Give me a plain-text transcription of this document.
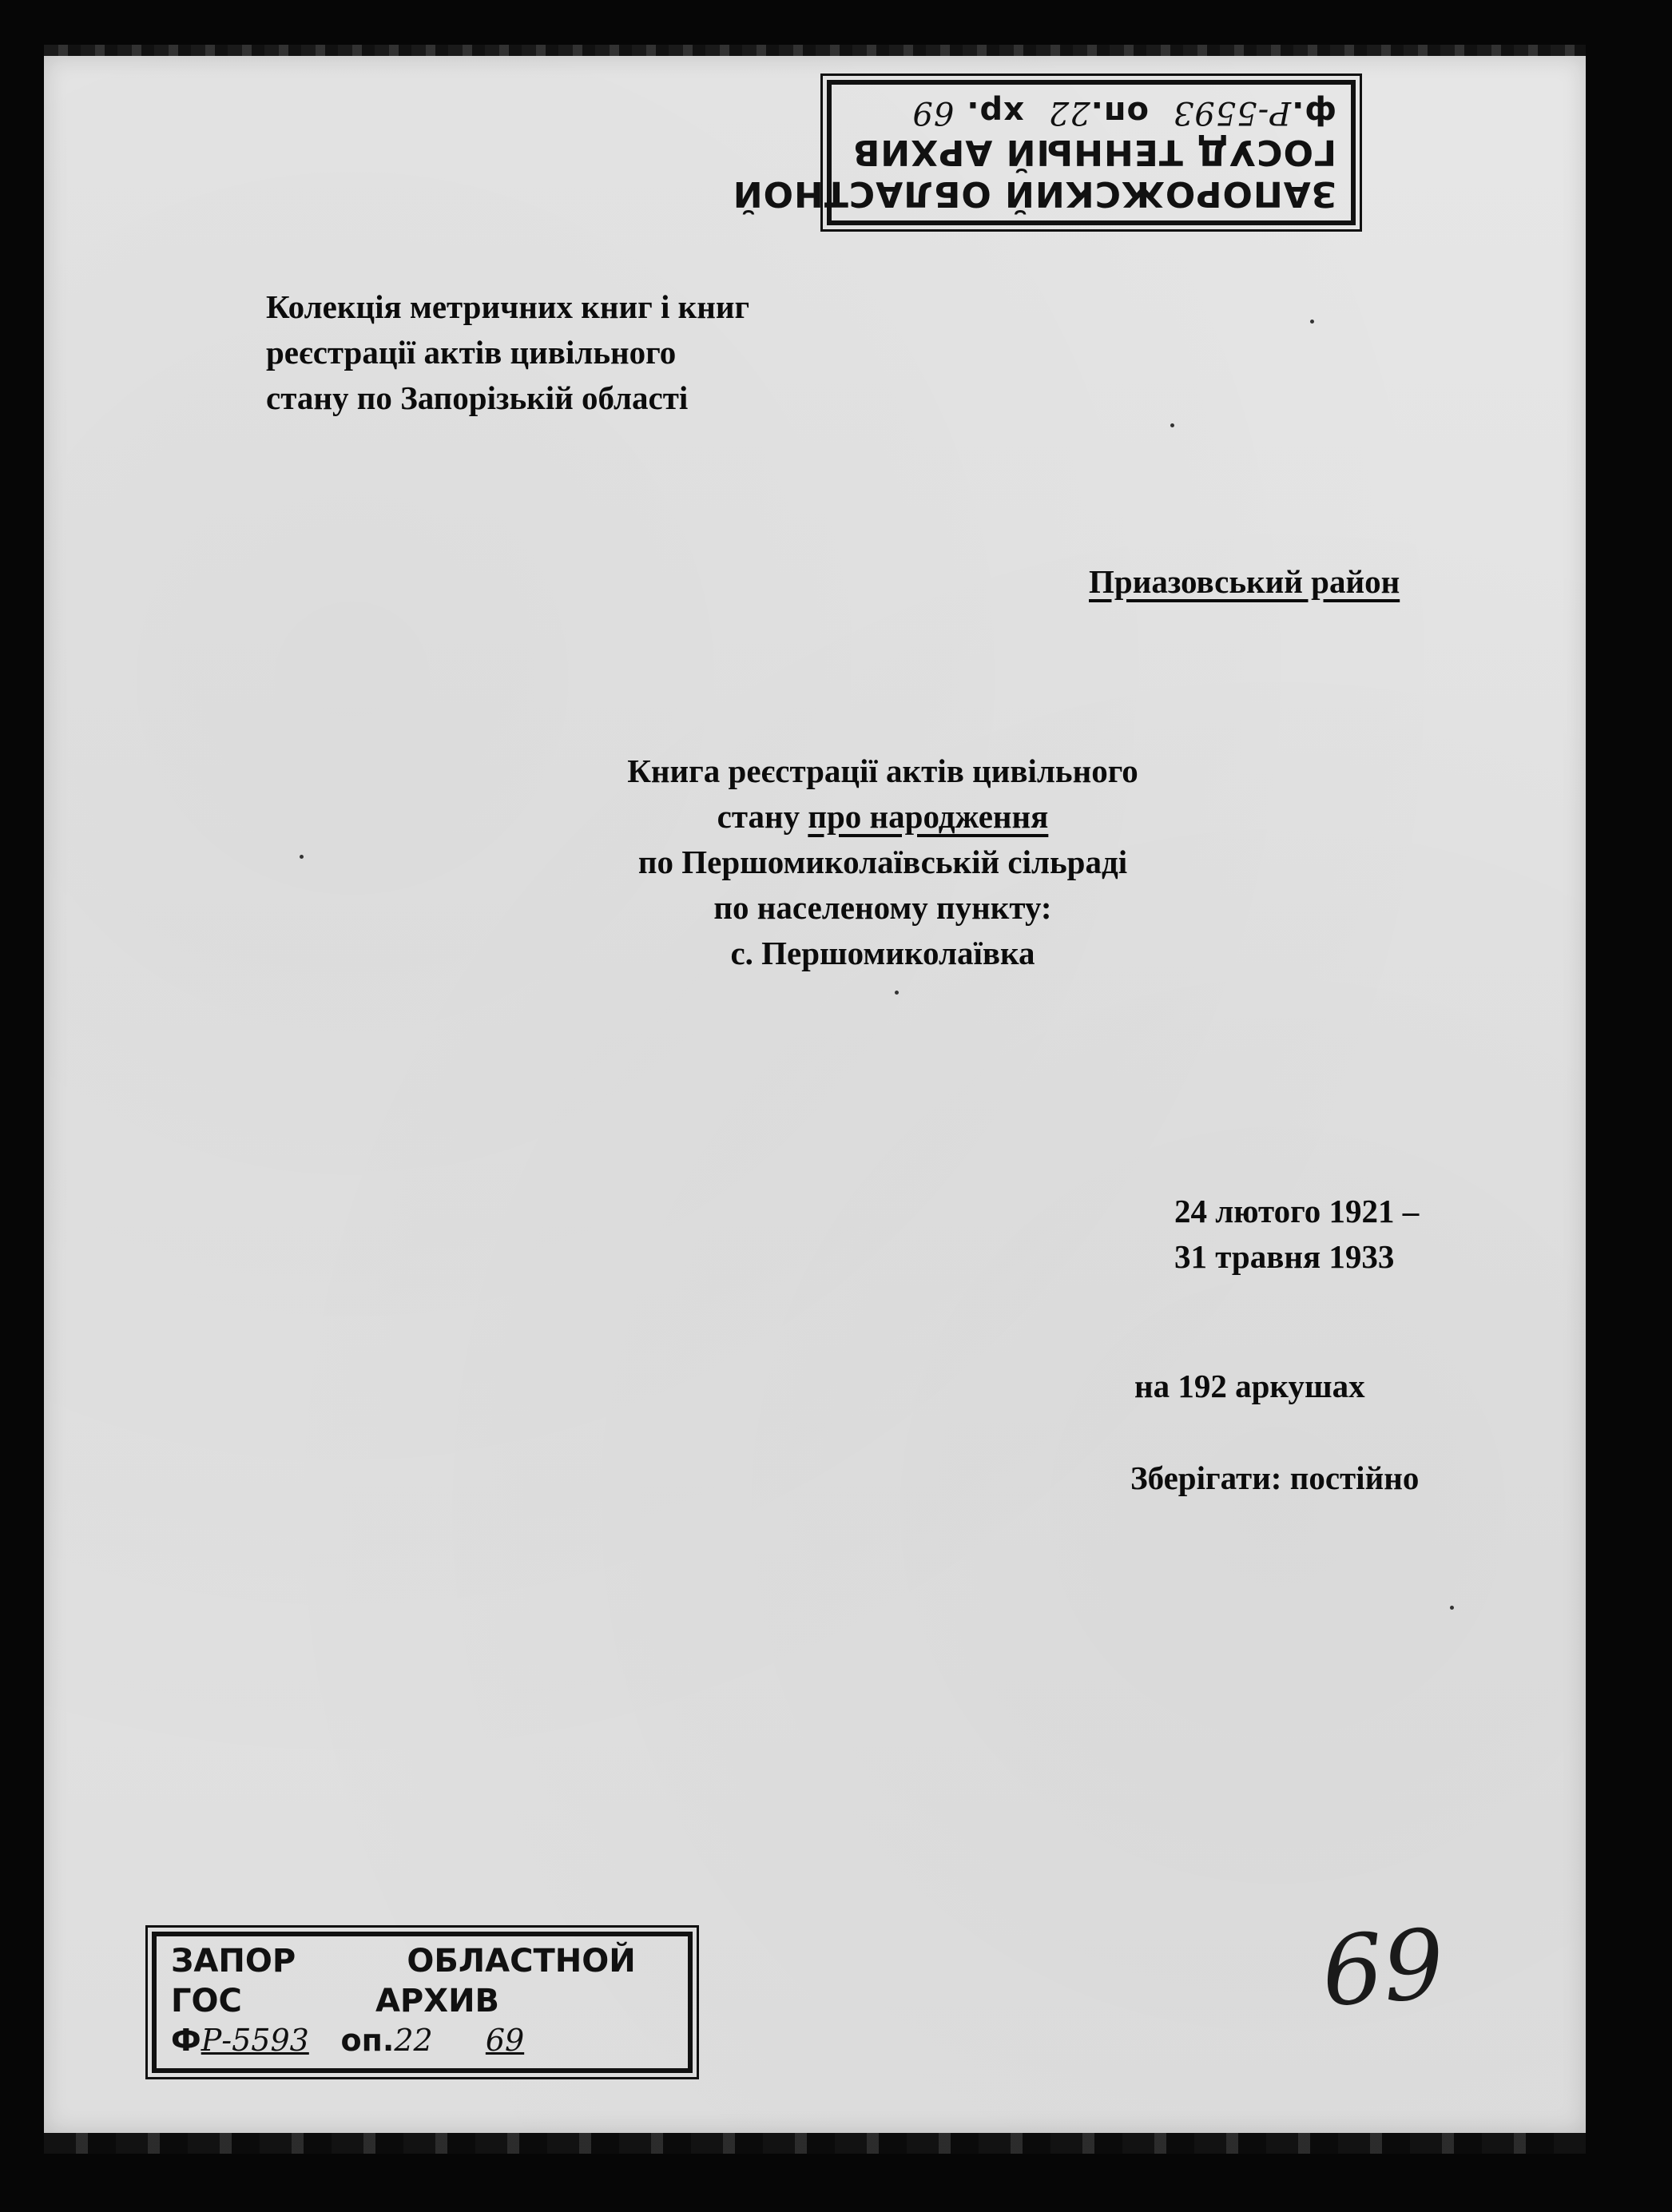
ЗАПОРОЖСКИЙ ОБЛАСТНОЙ
ГОСУД ТЕННЫЙ АРХИВ
ф.Р-5593  оп.22  хр. 69
Колекція метричних книг і книг
реєстрації актів цивільного
стану по Запорізькій області
Приазовський район
Книга реєстрації актів цивільного
стану про народження
по Першомиколаївській сільраді
по населеному пункту:
с. Першомиколаївка
24 лютого 1921 –
31 травня 1933
на 192 аркушах
Зберігати: постійно
69
ЗАПОР          ОБЛАСТНОЙ
ГОС            АРХИВ
ФР-5593 оп.22 69
